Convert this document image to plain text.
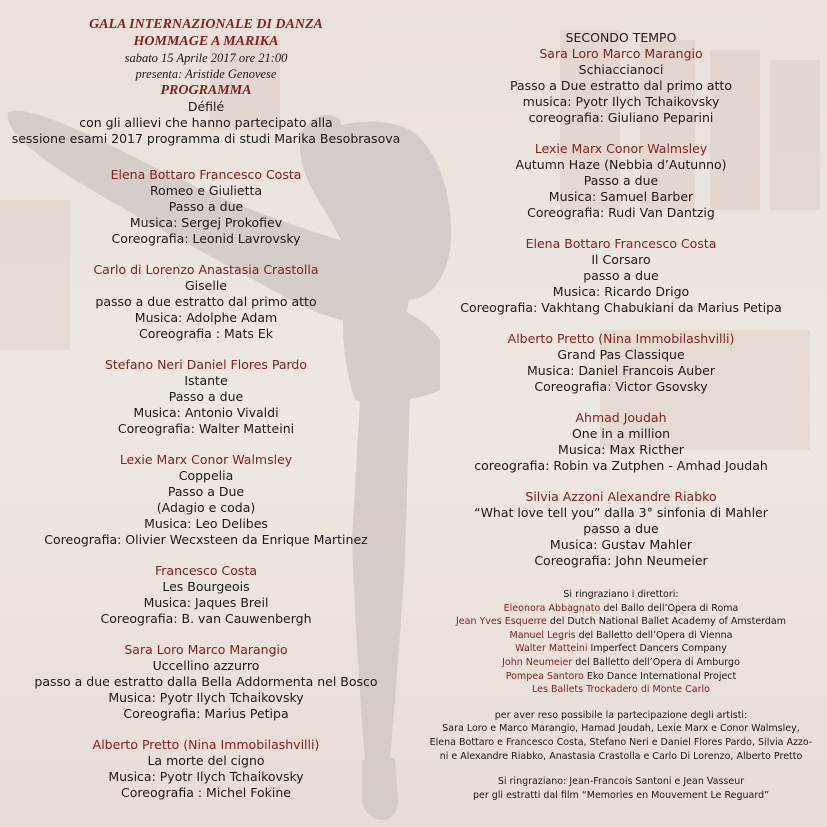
GALA INTERNAZIONALE DI DANZA
HOMMAGE A MARIKA
sabato 15 Aprile 2017 ore 21:00
presenta: Aristide Genovese
PROGRAMMA
Défilé
con gli allievi che hanno partecipato alla
sessione esami 2017 programma di studi Marika Besobrasova
Elena Bottaro Francesco Costa
Romeo e Giulietta
Passo a due
Musica: Sergej Prokofiev
Coreografia: Leonid Lavrovsky
Carlo di Lorenzo Anastasia Crastolla
Giselle
passo a due estratto dal primo atto
Musica: Adolphe Adam
Coreografia : Mats Ek
Stefano Neri Daniel Flores Pardo
Istante
Passo a due
Musica: Antonio Vivaldi
Coreografia: Walter Matteini
Lexie Marx Conor Walmsley
Coppelia
Passo a Due
(Adagio e coda)
Musica: Leo Delibes
Coreografia: Olivier Wecxsteen da Enrique Martinez
Francesco Costa
Les Bourgeois
Musica: Jaques Breil
Coreografia: B. van Cauwenbergh
Sara Loro Marco Marangio
Uccellino azzurro
passo a due estratto dalla Bella Addormenta nel Bosco
Musica: Pyotr Ilych Tchaikovsky
Coreografia: Marius Petipa
Alberto Pretto (Nina Immobilashvilli)
La morte del cigno
Musica: Pyotr Ilych Tchaikovsky
Coreografia : Michel Fokine
SECONDO TEMPO
Sara Loro Marco Marangio
Schiaccianoci
Passo a Due estratto dal primo atto
musica: Pyotr Ilych Tchaikovsky
coreografia: Giuliano Peparini
Lexie Marx Conor Walmsley
Autumn Haze (Nebbia d’Autunno)
Passo a due
Musica: Samuel Barber
Coreografia: Rudi Van Dantzig
Elena Bottaro Francesco Costa
Il Corsaro
passo a due
Musica: Ricardo Drigo
Coreografia: Vakhtang Chabukiani da Marius Petipa
Alberto Pretto (Nina Immobilashvilli)
Grand Pas Classique
Musica: Daniel Francois Auber
Coreografia: Victor Gsovsky
Ahmad Joudah
One in a million
Musica: Max Ricther
coreografia: Robin va Zutphen - Amhad Joudah
Silvia Azzoni Alexandre Riabko
“What love tell you” dalla 3° sinfonia di Mahler
passo a due
Musica: Gustav Mahler
Coreografia: John Neumeier
Si ringraziano i direttori:
Eleonora Abbagnato del Ballo dell’Opera di Roma
Jean Yves Esquerre del Dutch National Ballet Academy of Amsterdam
Manuel Legris del Balletto dell’Opera di Vienna
Walter Matteini Imperfect Dancers Company
John Neumeier del Balletto dell’Opera di Amburgo
Pompea Santoro Eko Dance International Project
Les Ballets Trockadero di Monte Carlo
per aver reso possibile la partecipazione degli artisti:
Sara Loro e Marco Marangio, Hamad Joudah, Lexie Marx e Conor Walmsley,
Elena Bottaro e Francesco Costa, Stefano Neri e Daniel Flores Pardo, Silvia Azzo-
ni e Alexandre Riabko, Anastasia Crastolla e Carlo Di Lorenzo, Alberto Pretto
Si ringraziano: Jean-Francois Santoni e Jean Vasseur
per gli estratti dal film “Memories en Mouvement Le Reguard”
